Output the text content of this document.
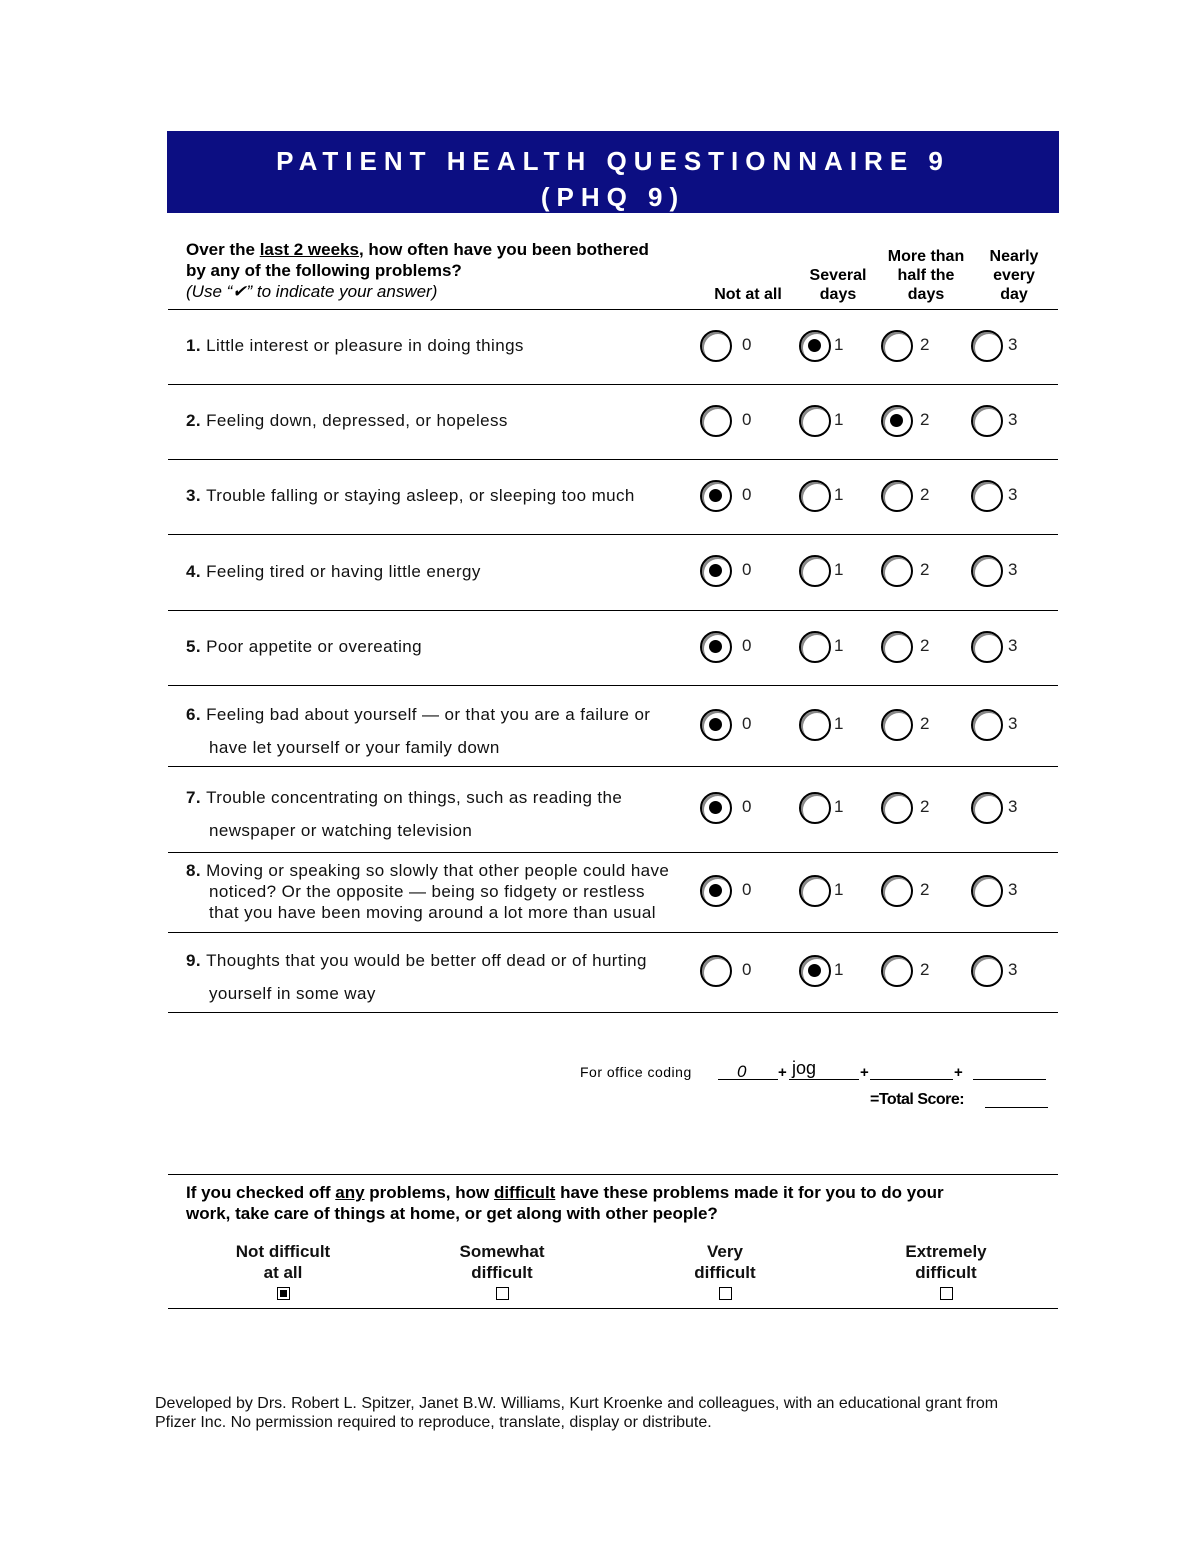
PATIENT HEALTH QUESTIONNAIRE 9
(PHQ 9)
Over the last 2 weeks, how often have you been bothered
by any of the following problems?
(Use “✔” to indicate your answer)	Not at all
Several days
More than half the days
Nearly every day
1. Little interest or pleasure in doing things	0	1	2	3
2. Feeling down, depressed, or hopeless	0	1	2	3
3. Trouble falling or staying asleep, or sleeping too much	0	1	2	3
4. Feeling tired or having little energy	0	1	2	3
5. Poor appetite or overeating	0	1	2	3
6. Feeling bad about yourself — or that you are a failure or
have let yourself or your family down
0	1	2	3
7. Trouble concentrating on things, such as reading the
newspaper or watching television
0	1	2	3
8. Moving or speaking so slowly that other people could have
noticed? Or the opposite — being so fidgety or restless
that you have been moving around a lot more than usual
0	1	2	3
9. Thoughts that you would be better off dead or of hurting
yourself in some way
0	1	2	3
For office coding	0 + jog	+	+
=Total Score:
If you checked off any problems, how difficult have these problems made it for you to do your
work, take care of things at home, or get along with other people?
Not difficult
at all
Somewhat
difficult
Very
difficult
Extremely
difficult
Developed by Drs. Robert L. Spitzer, Janet B.W. Williams, Kurt Kroenke and colleagues, with an educational grant from
Pfizer Inc. No permission required to reproduce, translate, display or distribute.
